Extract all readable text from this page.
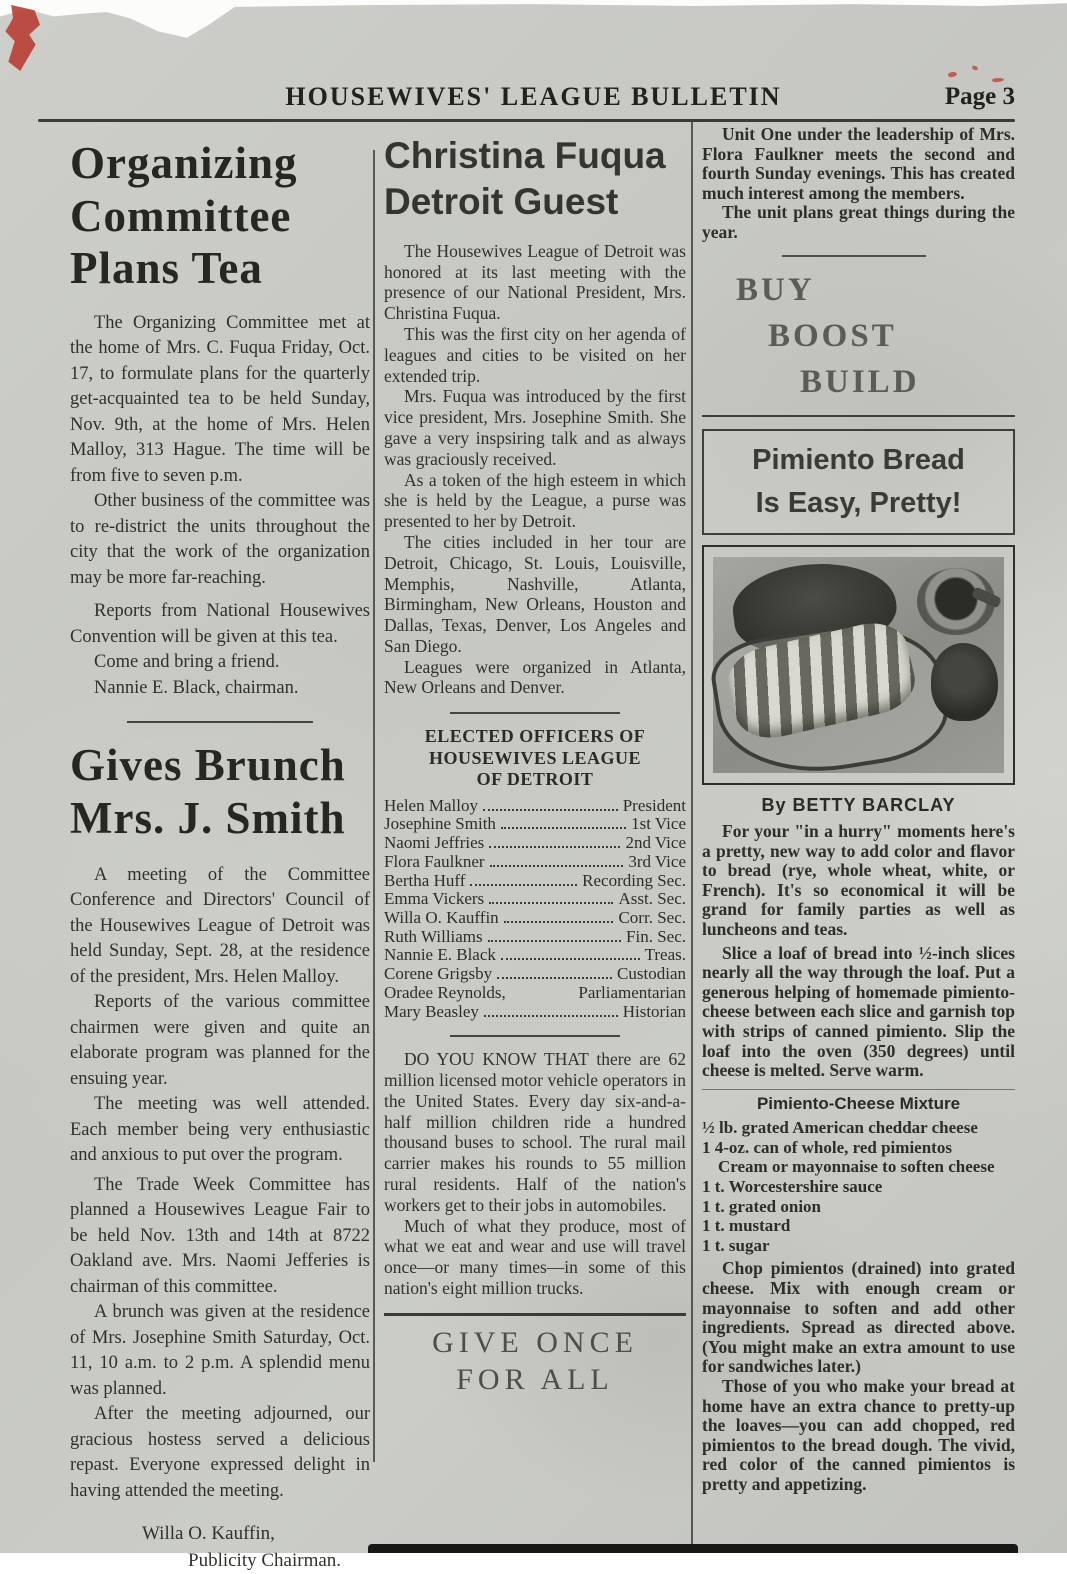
HOUSEWIVES' LEAGUE BULLETIN	Page 3
Organizing
Committee
Plans Tea

The Organizing Committee met at the home of Mrs. C. Fuqua Friday, Oct. 17, to formulate plans for the quarterly get-acquainted tea to be held Sunday, Nov. 9th, at the home of Mrs. Helen Malloy, 313 Hague. The time will be from five to seven p.m.

Other business of the committee was to re-district the units throughout the city that the work of the organization may be more far-reaching.

Reports from National Housewives Convention will be given at this tea.

Come and bring a friend.

Nannie E. Black, chairman.

Gives Brunch
Mrs. J. Smith

A meeting of the Committee Conference and Directors' Council of the Housewives League of Detroit was held Sunday, Sept. 28, at the residence of the president, Mrs. Helen Malloy.

Reports of the various committee chairmen were given and quite an elaborate program was planned for the ensuing year.

The meeting was well attended. Each member being very enthusiastic and anxious to put over the program.

The Trade Week Committee has planned a Housewives League Fair to be held Nov. 13th and 14th at 8722 Oakland ave. Mrs. Naomi Jefferies is chairman of this committee.

A brunch was given at the residence of Mrs. Josephine Smith Saturday, Oct. 11, 10 a.m. to 2 p.m. A splendid menu was planned.

After the meeting adjourned, our gracious hostess served a delicious repast. Everyone expressed delight in having attended the meeting.

Willa O. Kauffin,
Publicity Chairman.
Christina Fuqua
Detroit Guest

The Housewives League of Detroit was honored at its last meeting with the presence of our National President, Mrs. Christina Fuqua.

This was the first city on her agenda of leagues and cities to be visited on her extended trip.

Mrs. Fuqua was introduced by the first vice president, Mrs. Josephine Smith. She gave a very inspsiring talk and as always was graciously received.

As a token of the high esteem in which she is held by the League, a purse was presented to her by Detroit.

The cities included in her tour are Detroit, Chicago, St. Louis, Louisville, Memphis, Nashville, Atlanta, Birmingham, New Orleans, Houston and Dallas, Texas, Denver, Los Angeles and San Diego.

Leagues were organized in Atlanta, New Orleans and Denver.

ELECTED OFFICERS OF
HOUSEWIVES LEAGUE
OF DETROIT
Helen Malloy	President
Josephine Smith	1st Vice
Naomi Jeffries	2nd Vice
Flora Faulkner	3rd Vice
Bertha Huff	Recording Sec.
Emma Vickers	Asst. Sec.
Willa O. Kauffin	Corr. Sec.
Ruth Williams	Fin. Sec.
Nannie E. Black	Treas.
Corene Grigsby	Custodian
Oradee Reynolds,	Parliamentarian
Mary Beasley	Historian

DO YOU KNOW THAT there are 62 million licensed motor vehicle operators in the United States. Every day six-and-a-half million children ride a hundred thousand buses to school. The rural mail carrier makes his rounds to 55 million rural residents. Half of the nation's workers get to their jobs in automobiles.

Much of what they produce, most of what we eat and wear and use will travel once—or many times—in some of this nation's eight million trucks.

GIVE ONCE
FOR ALL

Unit One under the leadership of Mrs. Flora Faulkner meets the second and fourth Sunday evenings. This has created much interest among the members.

The unit plans great things during the year.

BUY
BOOST
BUILD
Pimiento Bread
Is Easy, Pretty!
By BETTY BARCLAY

For your "in a hurry" moments here's a pretty, new way to add color and flavor to bread (rye, whole wheat, white, or French). It's so economical it will be grand for family parties as well as luncheons and teas.

Slice a loaf of bread into ½-inch slices nearly all the way through the loaf. Put a generous helping of homemade pimiento-cheese between each slice and garnish top with strips of canned pimiento. Slip the loaf into the oven (350 degrees) until cheese is melted. Serve warm.

Pimiento-Cheese Mixture

½ lb. grated American cheddar cheese

1 4-oz. can of whole, red pimientos

Cream or mayonnaise to soften cheese

1 t. Worcestershire sauce

1 t. grated onion

1 t. mustard

1 t. sugar

Chop pimientos (drained) into grated cheese. Mix with enough cream or mayonnaise to soften and add other ingredients. Spread as directed above. (You might make an extra amount to use for sandwiches later.)

Those of you who make your bread at home have an extra chance to pretty-up the loaves—you can add chopped, red pimientos to the bread dough. The vivid, red color of the canned pimientos is pretty and appetizing.
